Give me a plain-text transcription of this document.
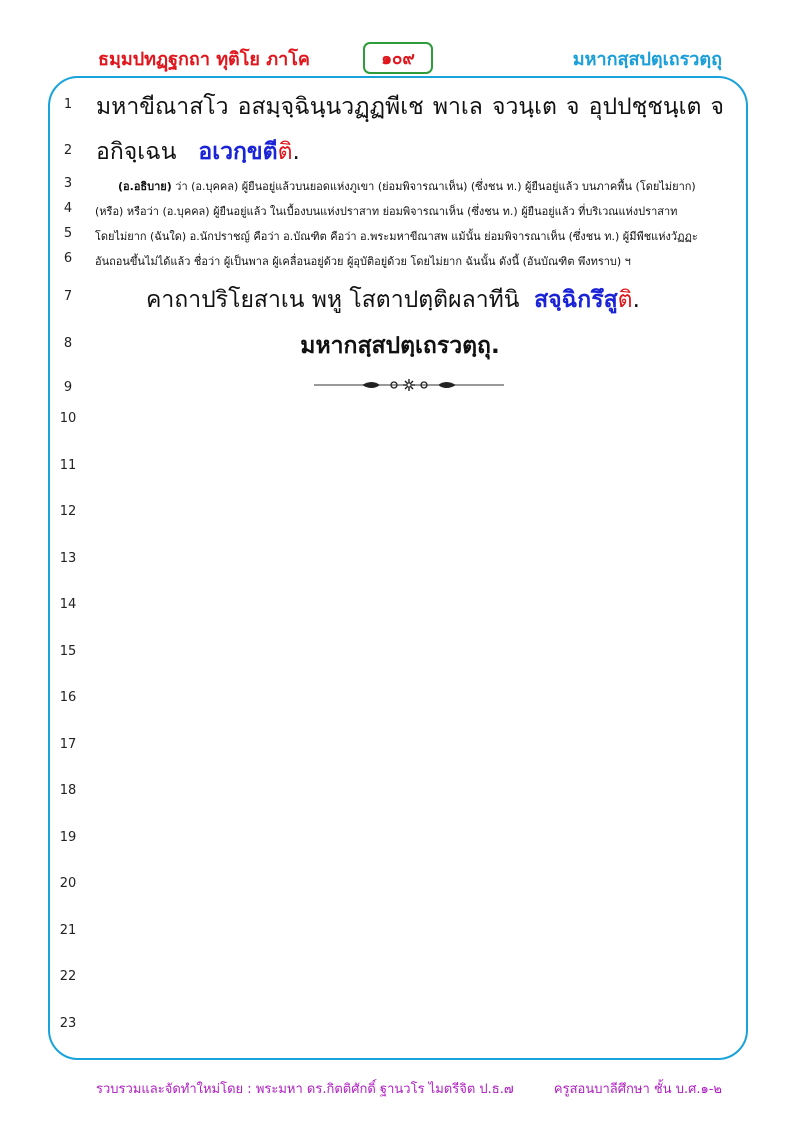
ธมฺมปทฏฺฐกถา ทุติโย ภาโค	๑๐๙	มหากสฺสปตฺเถรวตฺถุ
1
2
3
4
5
6
7
8
9
10
11
12
13
14
15
16
17
18
19
20
21
22
23
มหาขีณาสโว อสมฺจฺฉินฺนวฏฺฏพีเช พาเล จวนฺเต จ อุปปชฺชนฺเต จ
อกิจฺเฉน อเวกฺขตีติ.
(อ.อธิบาย) ว่า (อ.บุคคล) ผู้ยืนอยู่แล้วบนยอดแห่งภูเขา (ย่อมพิจารณาเห็น) (ซึ่งชน ท.) ผู้ยืนอยู่แล้ว บนภาคพื้น (โดยไม่ยาก)
(หรือ) หรือว่า (อ.บุคคล) ผู้ยืนอยู่แล้ว ในเบื้องบนแห่งปราสาท ย่อมพิจารณาเห็น (ซึ่งชน ท.) ผู้ยืนอยู่แล้ว ที่บริเวณแห่งปราสาท
โดยไม่ยาก (ฉันใด) อ.นักปราชญ์ คือว่า อ.บัณฑิต คือว่า อ.พระมหาขีณาสพ แม้นั้น ย่อมพิจารณาเห็น (ซึ่งชน ท.) ผู้มีพืชแห่งวัฏฏะ
อันถอนขึ้นไม่ได้แล้ว ชื่อว่า ผู้เป็นพาล ผู้เคลื่อนอยู่ด้วย ผู้อุบัติอยู่ด้วย โดยไม่ยาก ฉันนั้น ดังนี้ (อันบัณฑิต พึงทราบ) ฯ
คาถาปริโยสาเน พหู โสตาปตฺติผลาทีนิ สจฺฉิกรึสูติ.
มหากสฺสปตฺเถรวตฺถุ.
รวบรวมและจัดทำใหม่โดย : พระมหา ดร.กิตติศักดิ์ ฐานวโร ไมตรีจิต ป.ธ.๗	ครูสอนบาลีศึกษา ชั้น บ.ศ.๑-๒
